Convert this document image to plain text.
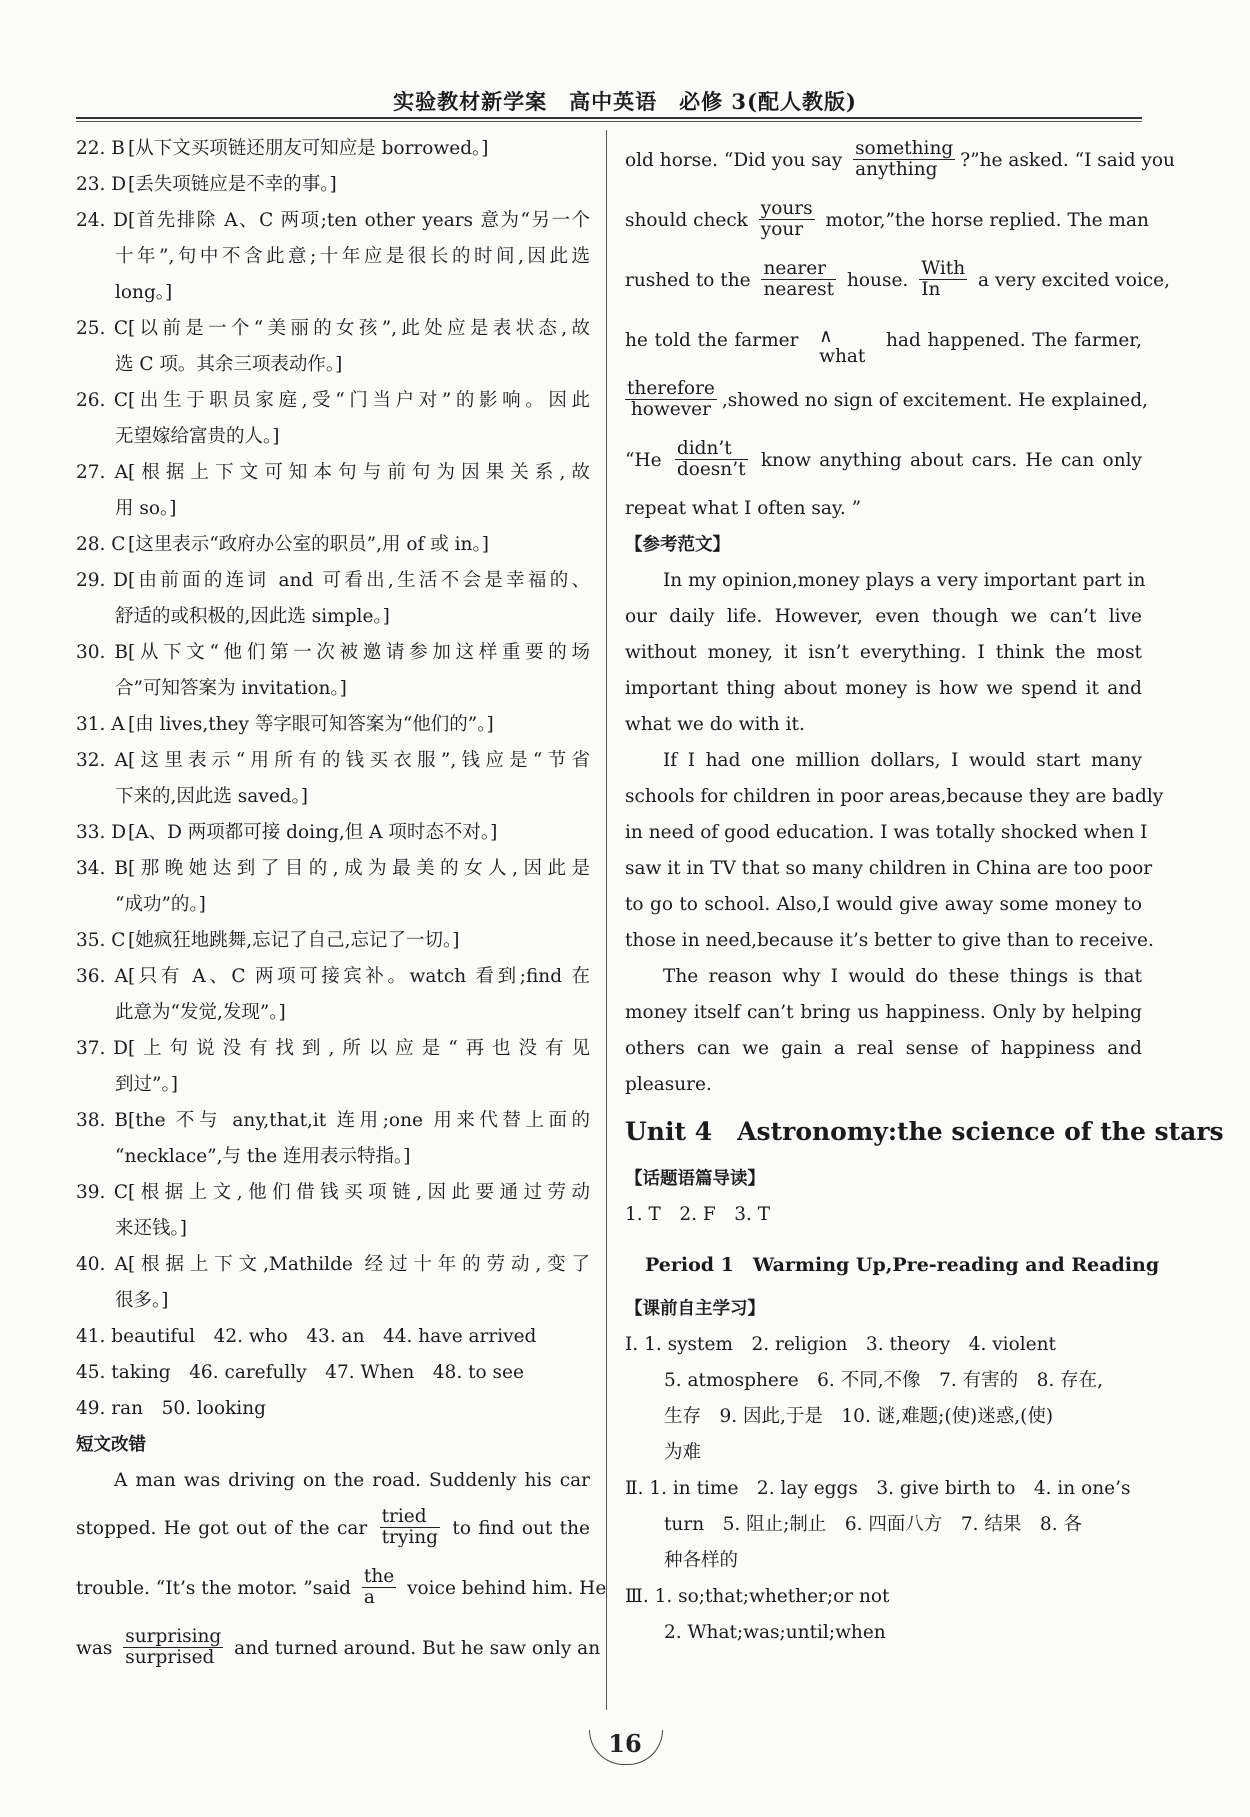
实验教材新学案　高中英语　必修 3(配人教版)
22. B [从下文买项链还朋友可知应是 borrowed。]
23. D [丢失项链应是不幸的事。]
24. D[首先排除 A、C 两项;ten other years 意为“另一个
十年”,句中不含此意;十年应是很长的时间,因此选
long。]
25. C[以前是一个“美丽的女孩”,此处应是表状态,故
选 C 项。其余三项表动作。]
26. C[出生于职员家庭,受“门当户对”的影响。因此
无望嫁给富贵的人。]
27. A[根据上下文可知本句与前句为因果关系,故
用 so。]
28. C [这里表示“政府办公室的职员”,用 of 或 in。]
29. D[由前面的连词 and 可看出,生活不会是幸福的、
舒适的或积极的,因此选 simple。]
30. B[从下文“他们第一次被邀请参加这样重要的场
合”可知答案为 invitation。]
31. A [由 lives,they 等字眼可知答案为“他们的”。]
32. A[这里表示“用所有的钱买衣服”,钱应是“节省
下来的,因此选 saved。]
33. D [A、D 两项都可接 doing,但 A 项时态不对。]
34. B[那晚她达到了目的,成为最美的女人,因此是
“成功”的。]
35. C [她疯狂地跳舞,忘记了自己,忘记了一切。]
36. A[只有 A、C 两项可接宾补。watch 看到;find 在
此意为“发觉,发现”。]
37. D[上句说没有找到,所以应是“再也没有见
到过”。]
38. B[the 不与 any,that,it 连用;one 用来代替上面的
“necklace”,与 the 连用表示特指。]
39. C[根据上文,他们借钱买项链,因此要通过劳动
来还钱。]
40. A[根据上下文,Mathilde 经过十年的劳动,变了
很多。]
41. beautiful　42. who　43. an　44. have arrived
45. taking　46. carefully　47. When　48. to see
49. ran　50. looking
短文改错
A man was driving on the road. Suddenly his car
stopped. He got out of the car $\frac{\text{tried}}{\text{trying}}$ to find out the
trouble. “It’s the motor. ”said $\frac{\text{the}}{a}$ voice behind him. He
was $\frac{\text{surprising}}{\text{surprised}}$ and turned around. But he saw only an
old horse. “Did you say $\frac{\text{something}}{\text{anything}}$ ?”he asked. “I said you
should check $\frac{\text{yours}}{\text{your}}$ motor,”the horse replied. The man
rushed to the $\frac{\text{nearer}}{\text{nearest}}$ house. $\frac{\text{With}}{In}$ a very excited voice,
he told the farmer ∧
what
had happened. The farmer,
$\frac{\text{therefore}}{\text{however}}$ ,showed no sign of excitement. He explained,
“$He \frac{\text{didn’t}}{\text{doesn’t}}$ know anything about cars. He can only
repeat what I often say. ”
【参考范文】
In my opinion,money plays a very important part in
our daily life. However, even though we can’t live
without money, it isn’t everything. I think the most
important thing about money is how we spend it and
what we do with it.
If I had one million dollars, I would start many
schools for children in poor areas,because they are badly
in need of good education. I was totally shocked when I
saw it in TV that so many children in China are too poor
to go to school. Also,I would give away some money to
those in need,because it’s better to give than to receive.
The reason why I would do these things is that
money itself can’t bring us happiness. Only by helping
others can we gain a real sense of happiness and
pleasure.
Unit 4　Astronomy:the science of the stars
【话题语篇导读】
1. T　2. F　3. T
Period 1　Warming Up,Pre-reading and Reading
【课前自主学习】
Ⅰ. 1. system　2. religion　3. theory　4. violent
5. atmosphere　6. 不同,不像　7. 有害的　8. 存在,
生存　9. 因此,于是　10. 谜,难题;(使)迷惑,(使)
为难
Ⅱ. 1. in time　2. lay eggs　3. give birth to　4. in one’s
turn　5. 阻止;制止　6. 四面八方　7. 结果　8. 各
种各样的
Ⅲ. 1. so;that;whether;or not
2. What;was;until;when
16
